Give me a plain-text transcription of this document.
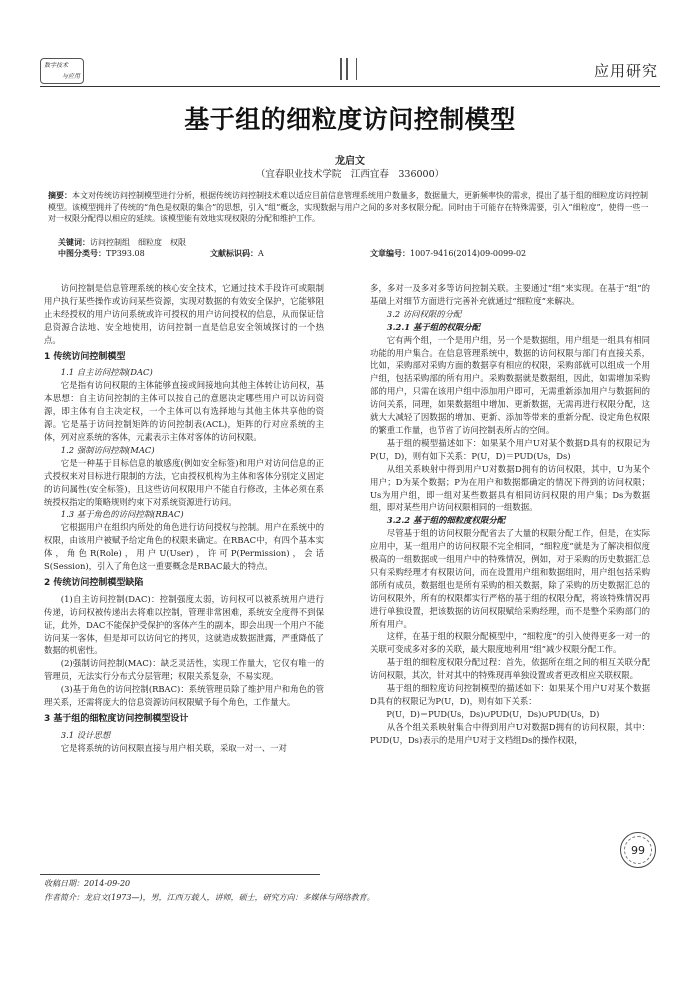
数字技术
与应用	应用研究
基于组的细粒度访问控制模型
龙启文
（宜春职业技术学院　江西宜春　336000）
摘要：本文对传统访问控制模型进行分析，根据传统访问控制技术难以适应目前信息管理系统用户数量多，数据量大，更新频率快的需求，提出了基于组的细粒度访问控制模型。该模型拥并了传统的“角色是权限的集合”的思想，引入“组”概念，实现数据与用户之间的多对多权限分配。同时由于可能存在特殊需要，引入“细粒度”，使得一些一对一权限分配得以相应的延续。该模型能有效地实现权限的分配和维护工作。
关键词：访问控制组　细粒度　权限
中图分类号：TP393.08	文献标识码：A	文章编号：1007-9416(2014)09-0099-02

访问控制是信息管理系统的核心安全技术，它通过技术手段许可或限制用户执行某些操作或访问某些资源，实现对数据的有效安全保护，它能够阻止未经授权的用户访问系统或许可授权的用户访问授权的信息，从而保证信息资源合法地、安全地使用，访问控制一直是信息安全领域探讨的一个热点。

1 传统访问控制模型

1.1 自主访问控制(DAC)

它是指有访问权限的主体能够直接或间接地向其他主体转让访问权，基本思想：自主访问控制的主体可以按自己的意愿决定哪些用户可以访问资源，即主体有自主决定权，一个主体可以有选择地与其他主体共享他的资源。它是基于访问控制矩阵的访问控制表(ACL)，矩阵的行对应系统的主体，列对应系统的客体，元素表示主体对客体的访问权限。

1.2 强制访问控制(MAC)

它是一种基于目标信息的敏感度(例如安全标签)和用户对访问信息的正式授权来对目标进行限制的方法，它由授权机构为主体和客体分别定义固定的访问属性(安全标签)，且这些访问权限用户不能自行修改，主体必须在系统授权指定的策略规则约束下对系统资源进行访问。

1.3 基于角色的访问控制(RBAC)

它根据用户在组织内所处的角色进行访问授权与控制。用户在系统中的权限，由该用户被赋予给定角色的权限来确定。在RBAC中，有四个基本实体，角色R(Role)，用户U(User)，许可P(Permission)，会话S(Session)，引入了角色这一重要概念是RBAC最大的特点。

2 传统访问控制模型缺陷

(1)自主访问控制(DAC)：控制强度太弱，访问权可以被系统用户进行传递，访问权被传递出去将难以控制，管理非常困难，系统安全度得不到保证，此外，DAC不能保护受保护的客体产生的副本，即会出现一个用户不能访问某一客体，但是却可以访问它的拷贝，这就造成数据泄露，严重降低了数据的机密性。

(2)强制访问控制(MAC)：缺乏灵活性，实现工作量大，它仅有唯一的管理员，无法实行分布式分层管理；权限关系复杂，不易实现。

(3)基于角色的访问控制(RBAC)：系统管理员除了维护用户和角色的管理关系，还需将庞大的信息资源访问权限赋予每个角色，工作量大。

3 基于组的细粒度访问控制模型设计

3.1 设计思想

它是将系统的访问权限直接与用户相关联，采取一对一、一对

多，多对一及多对多等访问控制关联。主要通过“组”来实现。在基于“组”的基础上对细节方面进行完善补充就通过“细粒度”来解决。

3.2 访问权限的分配

3.2.1 基于组的权限分配

它有两个组，一个是用户组，另一个是数据组，用户组是一组具有相同功能的用户集合。在信息管理系统中，数据的访问权限与部门有直接关系，比如，采购部对采购方面的数据享有相应的权限，采购部就可以组成一个用户组，包括采购部的所有用户。采购数据就是数据组，因此，如需增加采购部的用户，只需在该用户组中添加用户即可，无需重新添加用户与数据间的访问关系，同理，如果数据组中增加、更新数据，无需再进行权限分配，这就大大减轻了因数据的增加、更新、添加等带来的重新分配、设定角色权限的繁重工作量，也节省了访问控制表所占的空间。

基于组的模型描述如下：如果某个用户U对某个数据D具有的权限记为P(U，D)，则有如下关系：P(U，D)＝PUD(Us，Ds)

从组关系映射中得到用户U对数据D拥有的访问权限，其中，U为某个用户；D为某个数据；P为在用户和数据都确定的情况下得到的访问权限；Us为用户组，即一组对某些数据具有相同访问权限的用户集；Ds为数据组，即对某些用户访问权限相同的一组数据。

3.2.2 基于组的细粒度权限分配

尽管基于组的访问权限分配省去了大量的权限分配工作，但是，在实际应用中，某一组用户的访问权限不完全相同，“细粒度”就是为了解决相似度极高的一组数据或一组用户中的特殊情况，例如，对于采购的历史数据汇总只有采购经理才有权限访问，而在设置用户组和数据组时，用户组包括采购部所有成员，数据组也是所有采购的相关数据，除了采购的历史数据汇总的访问权限外，所有的权限都实行严格的基于组的权限分配，将该特殊情况再进行单独设置，把该数据的访问权限赋给采购经理，而不是整个采购部门的所有用户。

这样，在基于组的权限分配模型中，“细粒度”的引入使得更多一对一的关联可变成多对多的关联，最大限度地利用“组”减少权限分配工作。

基于组的细粒度权限分配过程：首先，依据所在组之间的相互关联分配访问权限，其次，针对其中的特殊现再单独设置或者更改相应关联权限。

基于组的细粒度访问控制模型的描述如下：如果某个用户U对某个数据D具有的权限记为P(U，D)，则有如下关系：

P(U，D)＝PUD(Us，Ds)∪PUD(U，Ds)∪PUD(Us，D)

从各个组关系映射集合中得到用户U对数据D拥有的访问权限，其中：PUD(U，Ds)表示的是用户U对于文档组Ds的操作权限，

收稿日期：2014-09-20
作者简介：龙启文(1973—)，男，江西万载人，讲师，硕士，研究方向：多媒体与网络教育。
99
